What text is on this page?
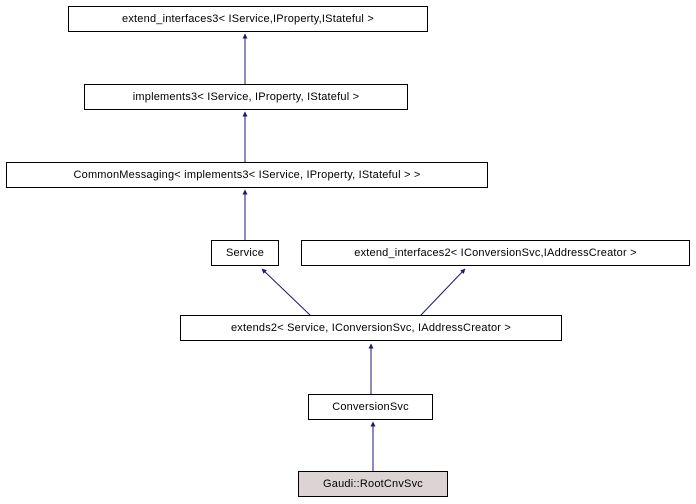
extend_interfaces3< IService,IProperty,IStateful >
implements3< IService, IProperty, IStateful >
CommonMessaging< implements3< IService, IProperty, IStateful > >
Service	extend_interfaces2< IConversionSvc,IAddressCreator >
extends2< Service, IConversionSvc, IAddressCreator >
ConversionSvc
Gaudi::RootCnvSvc
